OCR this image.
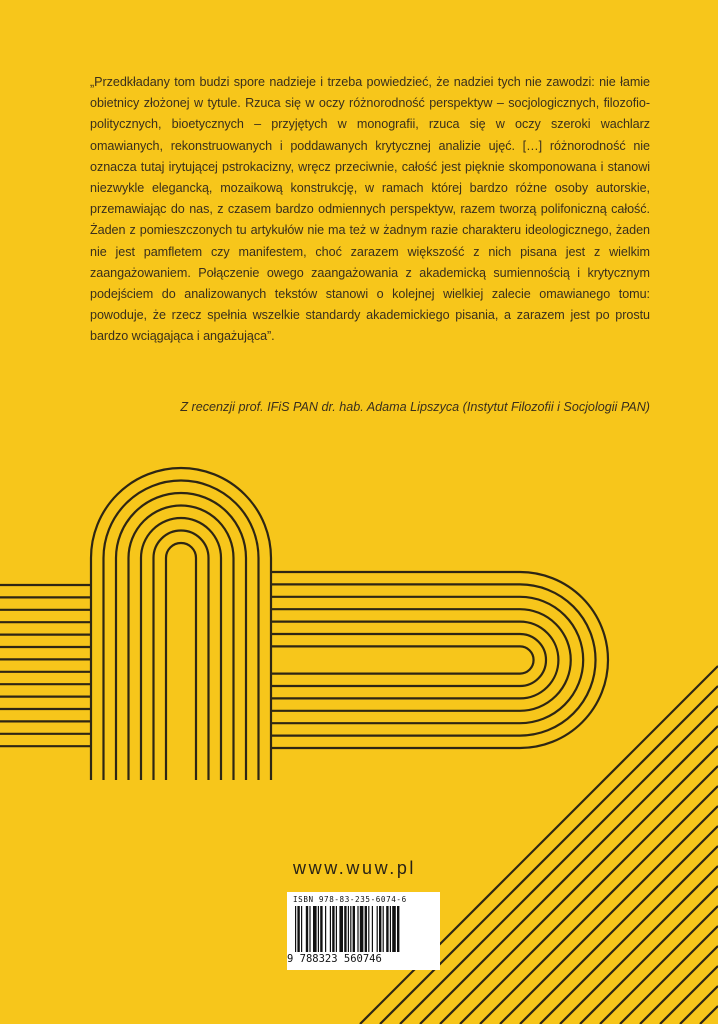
„Przedkładany tom budzi spore nadzieje i trzeba powiedzieć, że nadziei tych nie zawodzi: nie łamie obietnicy złożonej w tytule. Rzuca się w oczy różnorodność perspektyw – socjologicznych, filozofio-politycznych, bioetycznych – przyjętych w monografii, rzuca się w oczy szeroki wachlarz omawianych, rekonstruowanych i poddawanych krytycznej analizie ujęć. […] różnorodność nie oznacza tutaj irytującej pstrokacizny, wręcz przeciwnie, całość jest pięknie skomponowana i stanowi niezwykle elegancką, mozaikową konstrukcję, w ramach której bardzo różne osoby autorskie, przemawiając do nas, z czasem bardzo odmiennych perspektyw, razem tworzą polifoniczną całość. Żaden z pomieszczonych tu artykułów nie ma też w żadnym razie charakteru ideologicznego, żaden nie jest pamfletem czy manifestem, choć zarazem większość z nich pisana jest z wielkim zaangażowaniem. Połączenie owego zaangażowania z akademicką sumiennością i krytycznym podejściem do analizowanych tekstów stanowi o kolejnej wielkiej zalecie omawianego tomu: powoduje, że rzecz spełnia wszelkie standardy akademickiego pisania, a zarazem jest po prostu bardzo wciągająca i angażująca”.

Z recenzji prof. IFiS PAN dr. hab. Adama Lipszyca (Instytut Filozofii i Socjologii PAN)

www.wuw.pl
ISBN 978-83-235-6074-6
9 788323 560746
